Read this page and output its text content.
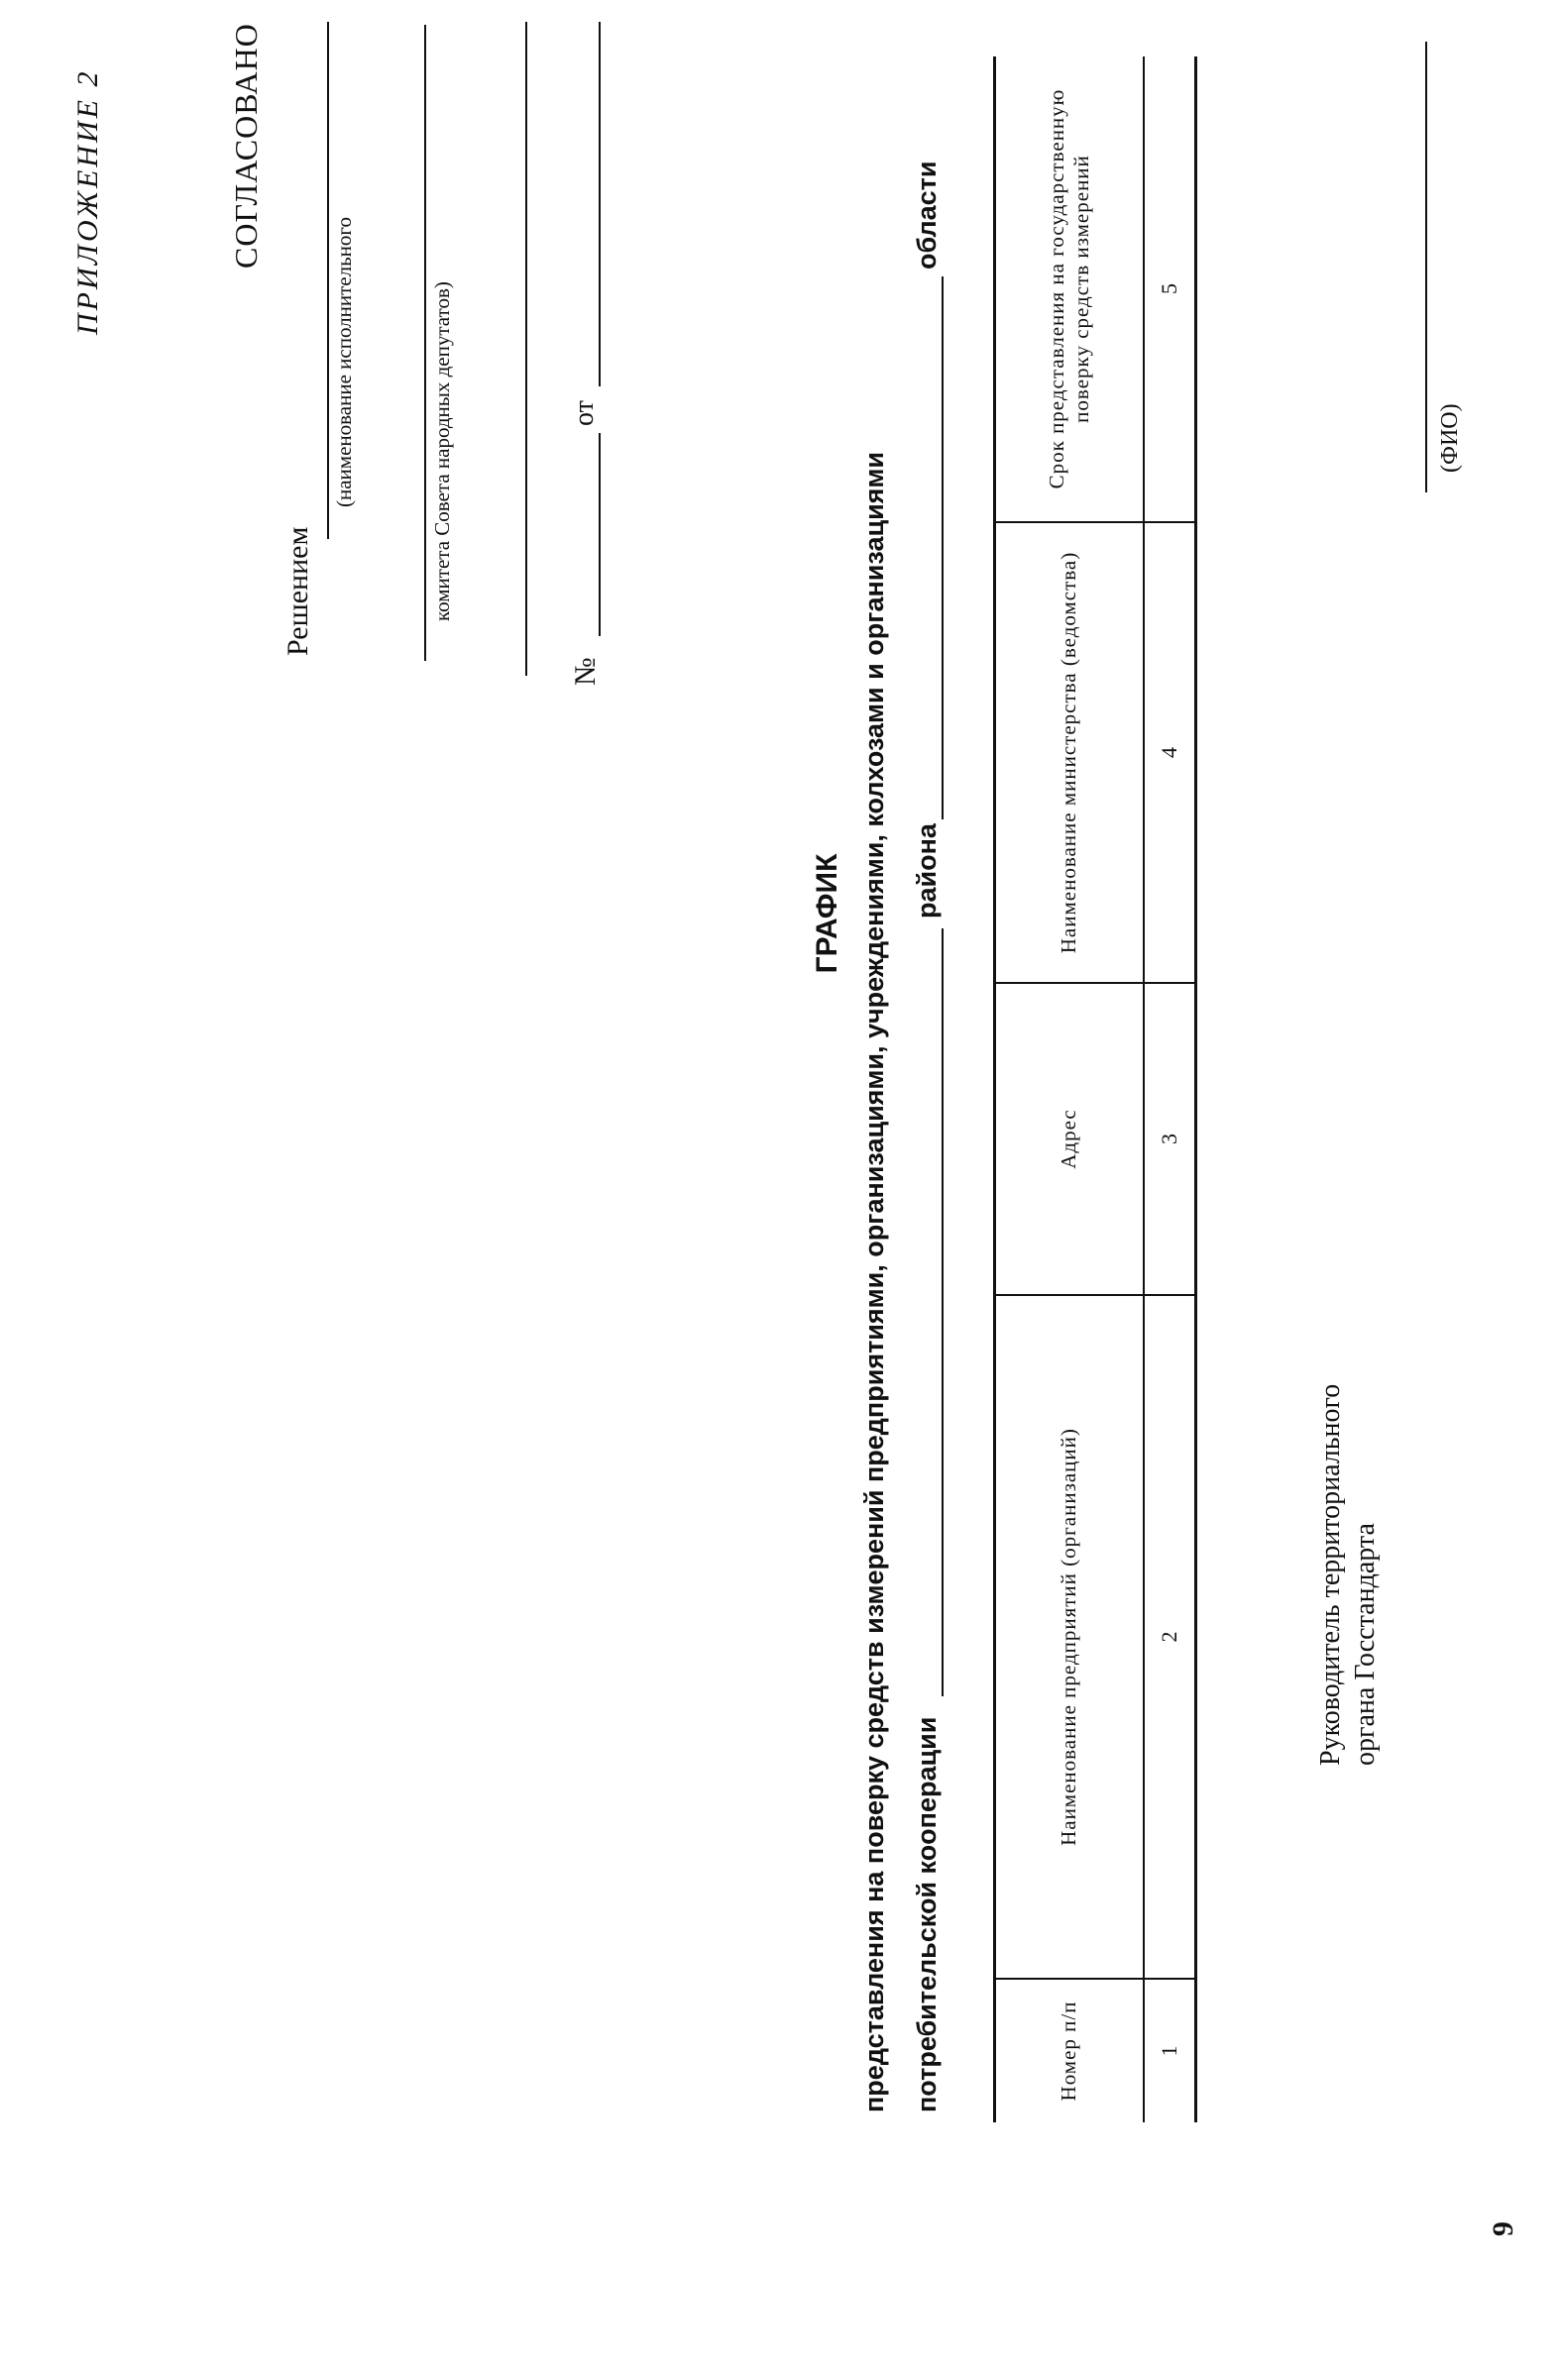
ПРИЛОЖЕНИЕ 2	СОГЛАСОВАНО
Решением
(наименование исполнительного	комитета Совета народных депутатов)
№
от
ГРАФИК представления на поверку средств измерений предприятиями, организациями, учреждениями, колхозами и организациями потребительской кооперации
района
области
Номер п/п	Наименование предприятий (организаций)	Адрес	Наименование министерства (ведомства)	Срок представления на государственную поверку средств измерений
1	2	3	4	5
Руководитель территориального органа Госстандарта
(ФИО)
9
